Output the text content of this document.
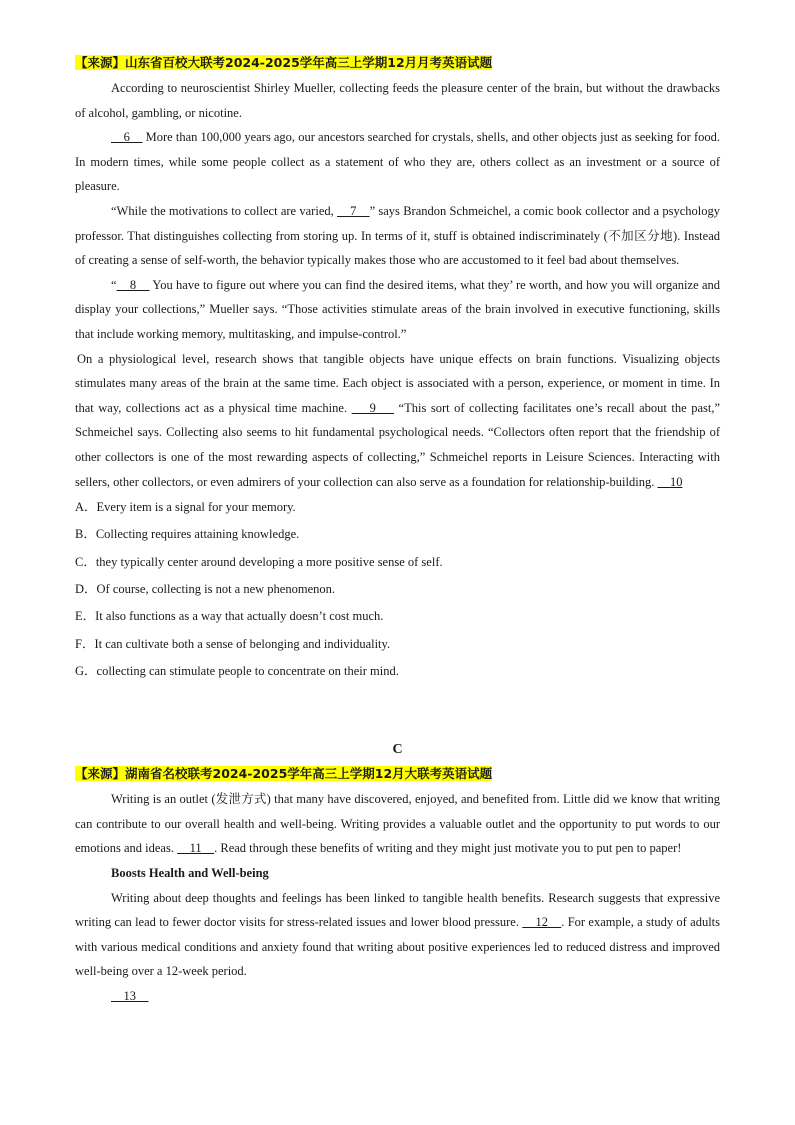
【来源】山东省百校大联考2024-2025学年高三上学期12月月考英语试题

According to neuroscientist Shirley Mueller, collecting feeds the pleasure center of the brain, but without the drawbacks of alcohol, gambling, or nicotine.

6     More than 100,000 years ago, our ancestors searched for crystals, shells, and other objects just as seeking for food. In modern times, while some people collect as a statement of who they are, others collect as an investment or a source of pleasure.

“While the motivations to collect are varied,     7    ” says Brandon Schmeichel, a comic book collector and a psychology professor. That distinguishes collecting from storing up. In terms of it, stuff is obtained indiscriminately (不加区分地). Instead of creating a sense of self-worth, the behavior typically makes those who are accustomed to it feel bad about themselves.

“    8     You have to figure out where you can find the desired items, what they’ re worth, and how you will organize and display your collections,” Mueller says. “Those activities stimulate areas of the brain involved in executive functioning, skills that include working memory, multitasking, and impulse-control.”

On a physiological level, research shows that tangible objects have unique effects on brain functions. Visualizing objects stimulates many areas of the brain at the same time. Each object is associated with a person, experience, or moment in time. In that way, collections act as a physical time machine.     9     “This sort of collecting facilitates one’s recall about the past,” Schmeichel says. Collecting also seems to hit fundamental psychological needs. “Collectors often report that the friendship of other collectors is one of the most rewarding aspects of collecting,” Schmeichel reports in Leisure Sciences. Interacting with sellers, other collectors, or even admirers of your collection can also serve as a foundation for relationship-building.     10

A．Every item is a signal for your memory.

B．Collecting requires attaining knowledge.

C．they typically center around developing a more positive sense of self.

D．Of course, collecting is not a new phenomenon.

E．It also functions as a way that actually doesn’t cost much.

F．It can cultivate both a sense of belonging and individuality.

G．collecting can stimulate people to concentrate on their mind.

C

【来源】湖南省名校联考2024-2025学年高三上学期12月大联考英语试题

Writing is an outlet (发泄方式) that many have discovered, enjoyed, and benefited from. Little did we know that writing can contribute to our overall health and well-being. Writing provides a valuable outlet and the opportunity to put words to our emotions and ideas.     11    . Read through these benefits of writing and they might just motivate you to put pen to paper!

Boosts Health and Well-being

Writing about deep thoughts and feelings has been linked to tangible health benefits. Research suggests that expressive writing can lead to fewer doctor visits for stress-related issues and lower blood pressure.     12    . For example, a study of adults with various medical conditions and anxiety found that writing about positive experiences led to reduced distress and improved well-being over a 12-week period.

13
